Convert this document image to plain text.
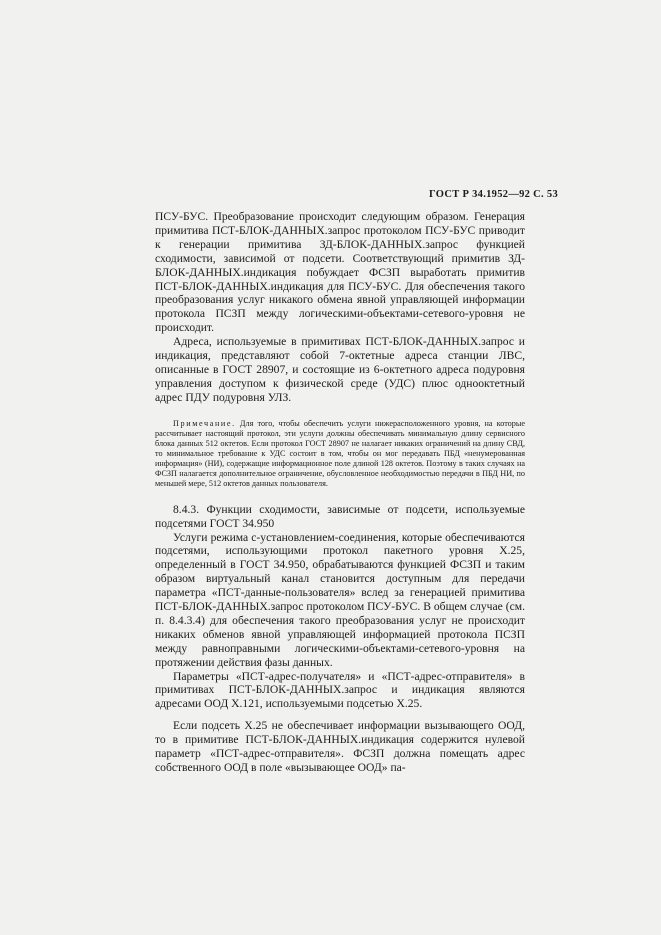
ГОСТ Р 34.1952—92 С. 53

ПСУ-БУС. Преобразование происходит следующим образом. Генерация примитива ПСТ-БЛОК-ДАННЫХ.запрос протоколом ПСУ-БУС приводит к генерации примитива ЗД-БЛОК-ДАННЫХ.запрос функцией сходимости, зависимой от подсети. Соответствующий примитив ЗД-БЛОК-ДАННЫХ.индикация побуждает ФСЗП выработать примитив ПСТ-БЛОК-ДАННЫХ.индикация для ПСУ-БУС. Для обеспечения такого преобразования услуг никакого обмена явной управляющей информации протокола ПСЗП между логическими-объектами-сетевого-уровня не происходит.

Адреса, используемые в примитивах ПСТ-БЛОК-ДАННЫХ.запрос и индикация, представляют собой 7-октетные адреса станции ЛВС, описанные в ГОСТ 28907, и состоящие из 6-октетного адреса подуровня управления доступом к физической среде (УДС) плюс однооктетный адрес ПДУ подуровня УЛЗ.

Примечание. Для того, чтобы обеспечить услуги нижерасположенного уровня, на которые рассчитывает настоящий протокол, эти услуги должны обеспечивать минимальную длину сервисного блока данных 512 октетов. Если протокол ГОСТ 28907 не налагает никаких ограничений на длину СВД, то минимальное требование к УДС состоит в том, чтобы он мог передавать ПБД «ненумерованная информация» (НИ), содержащие информационное поле длиной 128 октетов. Поэтому в таких случаях на ФСЗП налагается дополнительное ограничение, обусловленное необходимостью передачи в ПБД НИ, по меньшей мере, 512 октетов данных пользователя.

8.4.3. Функции сходимости, зависимые от подсети, используемые подсетями ГОСТ 34.950

Услуги режима с-установлением-соединения, которые обеспечиваются подсетями, использующими протокол пакетного уровня Х.25, определенный в ГОСТ 34.950, обрабатываются функцией ФСЗП и таким образом виртуальный канал становится доступным для передачи параметра «ПСТ-данные-пользователя» вслед за генерацией примитива ПСТ-БЛОК-ДАННЫХ.запрос протоколом ПСУ-БУС. В общем случае (см. п. 8.4.3.4) для обеспечения такого преобразования услуг не происходит никаких обменов явной управляющей информацией протокола ПСЗП между равноправными логическими-объектами-сетевого-уровня на протяжении действия фазы данных.

Параметры «ПСТ-адрес-получателя» и «ПСТ-адрес-отправителя» в примитивах ПСТ-БЛОК-ДАННЫХ.запрос и индикация являются адресами ООД Х.121, используемыми подсетью Х.25.

Если подсеть Х.25 не обеспечивает информации вызывающего ООД, то в примитиве ПСТ-БЛОК-ДАННЫХ.индикация содержится нулевой параметр «ПСТ-адрес-отправителя». ФСЗП должна помещать адрес собственного ООД в поле «вызывающее ООД» па-
